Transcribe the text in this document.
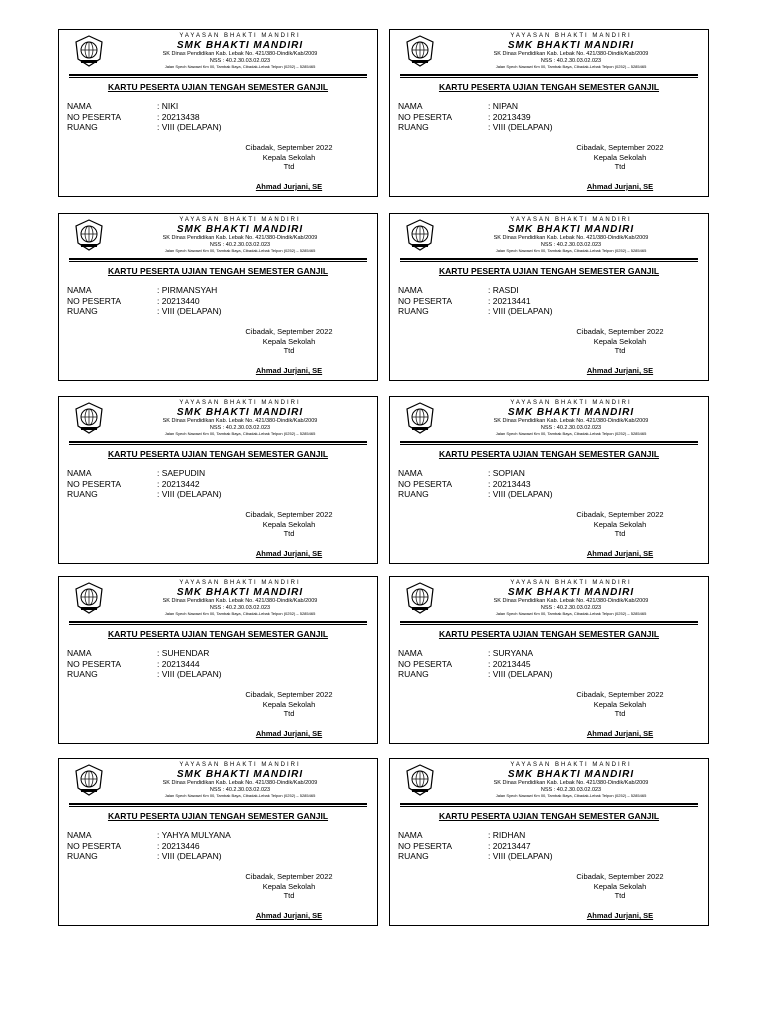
YAYASAN BHAKTI MANDIRI
SMK BHAKTI MANDIRI
SK Dinas Pendidikan Kab. Lebak No. 421/380-Dindik/Kab/2009
NSS : 40.2.30.03.02.023
Jalan Syech Nawawi Km 00, Tambak Baya, Cibadak-Lebak Telpon (0252) – 5285465
KARTU PESERTA UJIAN TENGAH SEMESTER GANJIL
NAMA	: NIKI
NO PESERTA	: 20213438
RUANG	: VIII (DELAPAN)
Cibadak, September 2022
Kepala Sekolah
Ttd
Ahmad Jurjani, SE
YAYASAN BHAKTI MANDIRI
SMK BHAKTI MANDIRI
SK Dinas Pendidikan Kab. Lebak No. 421/380-Dindik/Kab/2009
NSS : 40.2.30.03.02.023
Jalan Syech Nawawi Km 00, Tambak Baya, Cibadak-Lebak Telpon (0252) – 5285465
KARTU PESERTA UJIAN TENGAH SEMESTER GANJIL
NAMA	: NIPAN
NO PESERTA	: 20213439
RUANG	: VIII (DELAPAN)
Cibadak, September 2022
Kepala Sekolah
Ttd
Ahmad Jurjani, SE
YAYASAN BHAKTI MANDIRI
SMK BHAKTI MANDIRI
SK Dinas Pendidikan Kab. Lebak No. 421/380-Dindik/Kab/2009
NSS : 40.2.30.03.02.023
Jalan Syech Nawawi Km 00, Tambak Baya, Cibadak-Lebak Telpon (0252) – 5285465
KARTU PESERTA UJIAN TENGAH SEMESTER GANJIL
NAMA	: PIRMANSYAH
NO PESERTA	: 20213440
RUANG	: VIII (DELAPAN)
Cibadak, September 2022
Kepala Sekolah
Ttd
Ahmad Jurjani, SE
YAYASAN BHAKTI MANDIRI
SMK BHAKTI MANDIRI
SK Dinas Pendidikan Kab. Lebak No. 421/380-Dindik/Kab/2009
NSS : 40.2.30.03.02.023
Jalan Syech Nawawi Km 00, Tambak Baya, Cibadak-Lebak Telpon (0252) – 5285465
KARTU PESERTA UJIAN TENGAH SEMESTER GANJIL
NAMA	: RASDI
NO PESERTA	: 20213441
RUANG	: VIII (DELAPAN)
Cibadak, September 2022
Kepala Sekolah
Ttd
Ahmad Jurjani, SE
YAYASAN BHAKTI MANDIRI
SMK BHAKTI MANDIRI
SK Dinas Pendidikan Kab. Lebak No. 421/380-Dindik/Kab/2009
NSS : 40.2.30.03.02.023
Jalan Syech Nawawi Km 00, Tambak Baya, Cibadak-Lebak Telpon (0252) – 5285465
KARTU PESERTA UJIAN TENGAH SEMESTER GANJIL
NAMA	: SAEPUDIN
NO PESERTA	: 20213442
RUANG	: VIII (DELAPAN)
Cibadak, September 2022
Kepala Sekolah
Ttd
Ahmad Jurjani, SE
YAYASAN BHAKTI MANDIRI
SMK BHAKTI MANDIRI
SK Dinas Pendidikan Kab. Lebak No. 421/380-Dindik/Kab/2009
NSS : 40.2.30.03.02.023
Jalan Syech Nawawi Km 00, Tambak Baya, Cibadak-Lebak Telpon (0252) – 5285465
KARTU PESERTA UJIAN TENGAH SEMESTER GANJIL
NAMA	: SOPIAN
NO PESERTA	: 20213443
RUANG	: VIII (DELAPAN)
Cibadak, September 2022
Kepala Sekolah
Ttd
Ahmad Jurjani, SE
YAYASAN BHAKTI MANDIRI
SMK BHAKTI MANDIRI
SK Dinas Pendidikan Kab. Lebak No. 421/380-Dindik/Kab/2009
NSS : 40.2.30.03.02.023
Jalan Syech Nawawi Km 00, Tambak Baya, Cibadak-Lebak Telpon (0252) – 5285465
KARTU PESERTA UJIAN TENGAH SEMESTER GANJIL
NAMA	: SUHENDAR
NO PESERTA	: 20213444
RUANG	: VIII (DELAPAN)
Cibadak, September 2022
Kepala Sekolah
Ttd
Ahmad Jurjani, SE
YAYASAN BHAKTI MANDIRI
SMK BHAKTI MANDIRI
SK Dinas Pendidikan Kab. Lebak No. 421/380-Dindik/Kab/2009
NSS : 40.2.30.03.02.023
Jalan Syech Nawawi Km 00, Tambak Baya, Cibadak-Lebak Telpon (0252) – 5285465
KARTU PESERTA UJIAN TENGAH SEMESTER GANJIL
NAMA	: SURYANA
NO PESERTA	: 20213445
RUANG	: VIII (DELAPAN)
Cibadak, September 2022
Kepala Sekolah
Ttd
Ahmad Jurjani, SE
YAYASAN BHAKTI MANDIRI
SMK BHAKTI MANDIRI
SK Dinas Pendidikan Kab. Lebak No. 421/380-Dindik/Kab/2009
NSS : 40.2.30.03.02.023
Jalan Syech Nawawi Km 00, Tambak Baya, Cibadak-Lebak Telpon (0252) – 5285465
KARTU PESERTA UJIAN TENGAH SEMESTER GANJIL
NAMA	: YAHYA MULYANA
NO PESERTA	: 20213446
RUANG	: VIII (DELAPAN)
Cibadak, September 2022
Kepala Sekolah
Ttd
Ahmad Jurjani, SE
YAYASAN BHAKTI MANDIRI
SMK BHAKTI MANDIRI
SK Dinas Pendidikan Kab. Lebak No. 421/380-Dindik/Kab/2009
NSS : 40.2.30.03.02.023
Jalan Syech Nawawi Km 00, Tambak Baya, Cibadak-Lebak Telpon (0252) – 5285465
KARTU PESERTA UJIAN TENGAH SEMESTER GANJIL
NAMA	: RIDHAN
NO PESERTA	: 20213447
RUANG	: VIII (DELAPAN)
Cibadak, September 2022
Kepala Sekolah
Ttd
Ahmad Jurjani, SE
